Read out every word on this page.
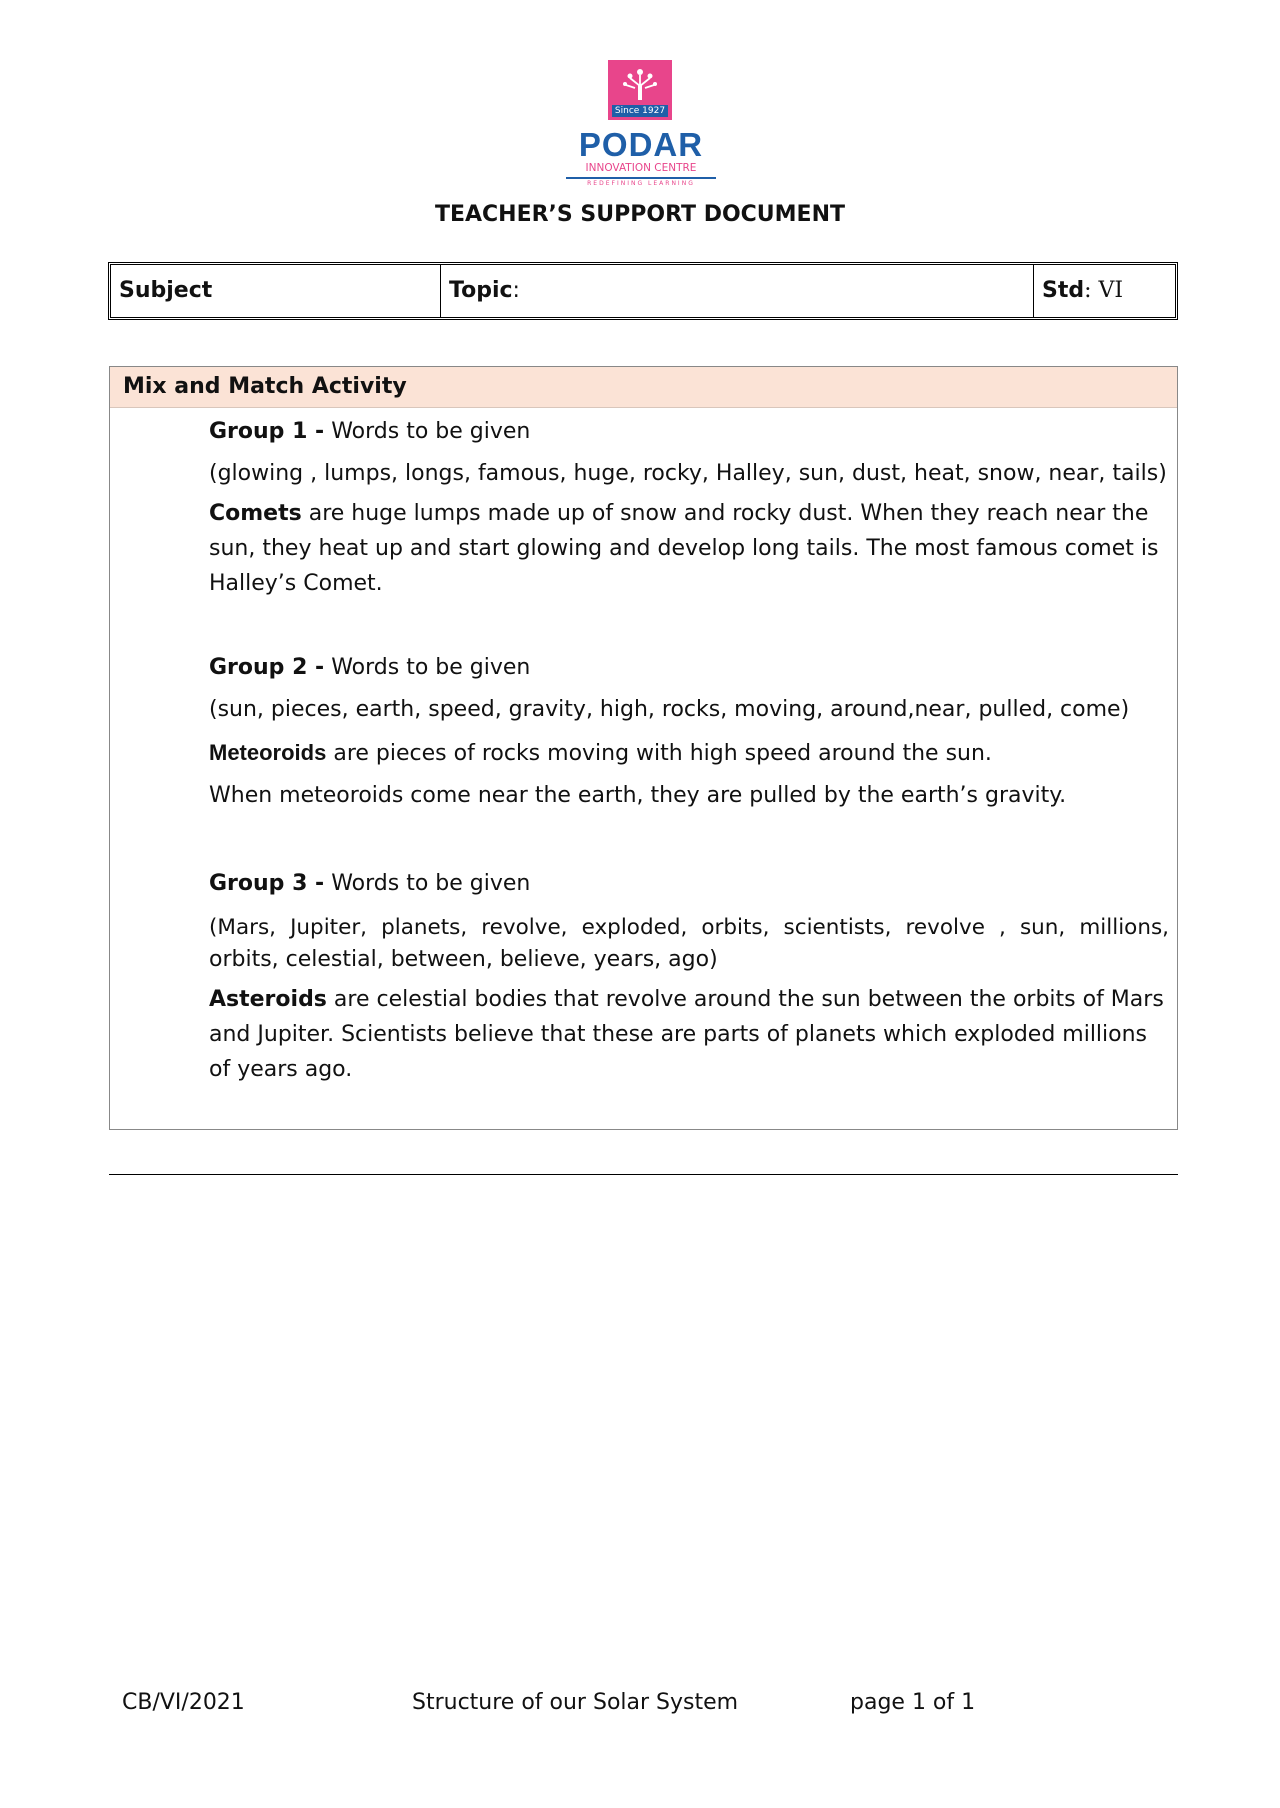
Since 1927
PODAR
INNOVATION CENTRE
REDEFINING LEARNING
TEACHER’S SUPPORT DOCUMENT
Subject	Topic:	Std: VI
Mix and Match Activity
Group 1 - Words to be given
(glowing , lumps, longs, famous, huge, rocky, Halley, sun, dust, heat, snow, near, tails)
Comets are huge lumps made up of snow and rocky dust. When they reach near the sun, they heat up and start glowing and develop long tails. The most famous comet is Halley’s Comet.
Group 2 - Words to be given
(sun, pieces, earth, speed, gravity, high, rocks, moving, around,near, pulled, come)
Meteoroids are pieces of rocks moving with high speed around the sun.
When meteoroids come near the earth, they are pulled by the earth’s gravity.
Group 3 - Words to be given
(Mars, Jupiter, planets, revolve, exploded, orbits, scientists, revolve , sun, millions,
orbits, celestial, between, believe, years, ago)
Asteroids are celestial bodies that revolve around the sun between the orbits of Mars and Jupiter. Scientists believe that these are parts of planets which exploded millions of years ago.
CB/VI/2021	Structure of our Solar System	page 1 of 1
